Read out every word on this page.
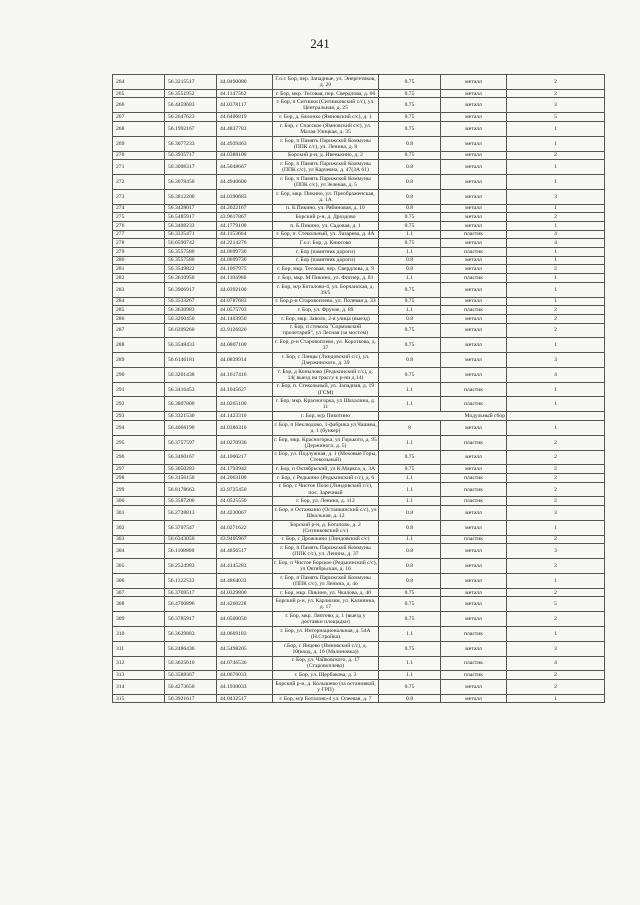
241
264	56.3215517	44.0490080	Г.о.г. Бор, пер. Западные, ул. Энергетиков, д. 20	0.75	металл	2
265	56.3551952	44.1147562	г. Бор, мкр. Тесовая, пер. Свердлова, д. 66	0.75	металл	2
266	56.4459683	44.0378117	г. Бор, п Ситники (Ситниковский с/с), ул. Центральная, д. 25	0.75	металл	3
267	56.2647623	44.6406819	г. Бор, д. Бялонко (Ямновский с/с), д. 1	0.75	металл	5
268	56.1992167	44.4837783	г. Бор, с Спасское (Ямновский с/с), ул. Малая Улицкая, д. 35	0.75	металл	1
269	56.3077233	44.4939463	г. Бор, п Память Парижской Коммуны (ППК с/с), ул. Ленина, д. 8	0.8	металл	1
270	56.3935717	44.0388100	Борский р-н, д. Ивенькино, д. 2	0.75	металл	2
271	56.3008317	44.5048667	г. Бор, п Память Парижской Коммуны (ППК с/с), ул Карчевна, д. 47(ЗА 61)	0.8	металл	1
272	56.3078450	44.4940600	г. Бор, п Память Парижской Коммуны (ППК с/с), ул Зеленая, д. 5	0.8	металл	1
273	56.3812200	44.0390683	г. Бор, мкр. Пикино, ул. Преображенская, д. 1А	0.8	металл	3
274	56.3428017	44.2022167	п. Б.Пикино, ул. Рябиновая, д. 10	0.8	металл	1
275	56.5485917	43.9617867	Борский р-н, д. Дроздово	0.75	металл	2
276	56.3408233	44.1779100	п. Б.Пикино, ул. Садовая, д. 1	0.75	металл	1
277	56.3335471	44.1153664	г. Бор, п. Стекольный, ул. Лазарева, д. 4А	1.1	пластик	4
278	56.6590742	44.2214276	Г.о.г. Бор, д. Кнюсово	0.75	металл	4
279	56.3557580	44.0699730	г. Бор (памятник дороги)	1.1	пластик	1
280	56.3557580	44.0699730	г. Бор (памятник дороги)	0.8	металл	1
281	56.3549822	44.1067975	г. Бор, мкр. Тесовая, пер. Свердлова, д. 9	0.8	металл	2
282	56.3610950	44.1104960	г. Бор, мкр. М Пикино, ул. Фигнер, д. 81	1.1	пластик	1
283	56.3906917	44.0392100	г. Бор, м/р Боталово-4, ул. Борчанская, д. 39/5	0.75	металл	1
284	56.3533267	44.0787683	г. Бор,р-н Старовоплево, ул. Полевая д. 33	0.75	металл	1
285	56.3630983	44.0575703	г. Бор, ул. Фрунзе, д. 89	1.1	пластик	2
286	56.3260450	44.1403950	г. Бор, мкр. Заволо, 2-я улица (выезд)	0.8	металл	2
287	56.6399260	43.9126820	г. Бор, п стекола "Сормовский пролетарий", ул Лесная (за мостом)	0.75	металл	2
288	56.3548433	44.0807100	г. Бор, р-н Старовоплево, ул. Короткова, д. 37	0.75	металл	1
289	56.6146181	44.0839914	г. Бор, с Ланцы (Линдовский с/с), ул. Дзержинского, д. 39	0.8	металл	3
290	56.3201438	44.1617416	г. Бор, д Копылово (Редькинский с/с), д. 14( выезд на трассу к р-ни д.14)	0.75	металл	4
291	56.3416453	44.1045627	г. Бор, п. Стекольный, ул. Западная, д. 19 (ГСМ)	1.1	пластик	1
292	56.3807800	44.0265100	г. Бор, мкр. Красногорка, ул Шахалина, д. 11	1.1	пластик	1
293	56.3321530	44.1423310	г. Бор, м/р Пикотино	Модульный сбор		
294	56.4068190	44.0386310	г. Бор, п Неклюдово, 1-фабрика ул Чашева, д. 1 (бункер)	8	металл	1
295	56.3757597	44.0270936	г. Бор, мкр. Красногорка, ул Горького, д. 95 (Держиного, д. 5)	1.1	пластик	2
296	56.3460167	44.1000217	г. Бор, ул. Подлужная, д. 1 (Моховые Горы, Стекольный)	0.75	металл	2
297	56.3050283	44.1793942	г. Бор, п Октябрьский, ул К.Маркса, д. 3А	0.75	металл	2
298	56.3156150	44.2063100	г. Бор, с Редькино (Редькинский с/с), д. 6	1.1	пластик	2
299	56.8178663	43.9725450	г. Бор, с Чистое Поле (Линдовский с/с), пос. Заречный	1.1	пластик	2
300	56.3587200	44.0525550	г. Бор, ул. Ленина, д. 112	1.1	пластик	2
301	56.2728813	44.4230067	г. Бор, п Останкино (Останкинский с/с), ул Школьная, д. 12	0.8	металл	3
302	56.3707547	44.0271622	Борский р-н, д. Боталово, д. 2 (Ситниковский с/с)	0.8	металл	1
303	56.6343050	43.9405967	г. Бор, с Дрожжино (Линдовский с/с)	1.1	пластик	2
304	56.1108800	44.4856517	г. Бор, п Память Парижской Коммуны (ППК с/с), ул. Ленина, д. 37	0.8	металл	3
305	56.2524983	44.4145283	г. Бор, п Чистое Борское (Редькинский с/с), ул Октябрьская, д. 16	0.8	металл	2
306	56.1122533	44.4864033	г. Бор, п Память Парижской Коммуны (ППК с/с), ул Ленина, д. 4о	0.8	металл	1
307	56.3769517	44.0329800	г. Бор, мкр. Пикино, ул. Чкалова, д. 40	0.75	металл	2
308	56.4700896	44.4260228	Борский р-н, ул. Карлюзин, ул. Калинина, д. 17	0.75	металл	5
309	56.3785917	44.0500050	г. Бор, мкр. Ляптево, д. 1 (выезд у доставки площадки)	0.75	металл	2
310	56.3629883	44.0669183	г. Бор, ул. Интернациональная, д. 54А (Н.Стройка)	1.1	пластик	1
311	56.2486436	44.5498205	г.Бор, с Янцево (Ямновский с/с), д. 10(вход, д. 10 (Малиновка))	0.75	металл	3
312	56.3625610	44.0746536	г. Бор, ул. Чайковского, д. 17 (Старовоплево)	1.1	пластик	4
313	56.3588367	44.0676033	г. Бор, ул. Щербакова, д. 3	1.1	пластик	2
314	56.4273650	44.1930033	Борский р-н, д. Колышево (за остановкой, у ГРП)	0.75	металл	2
315	56.3921617	44.0432517	г. Бор, м/р Боталово-4 ул. Олеевая, д. 7	0.8	металл	1
